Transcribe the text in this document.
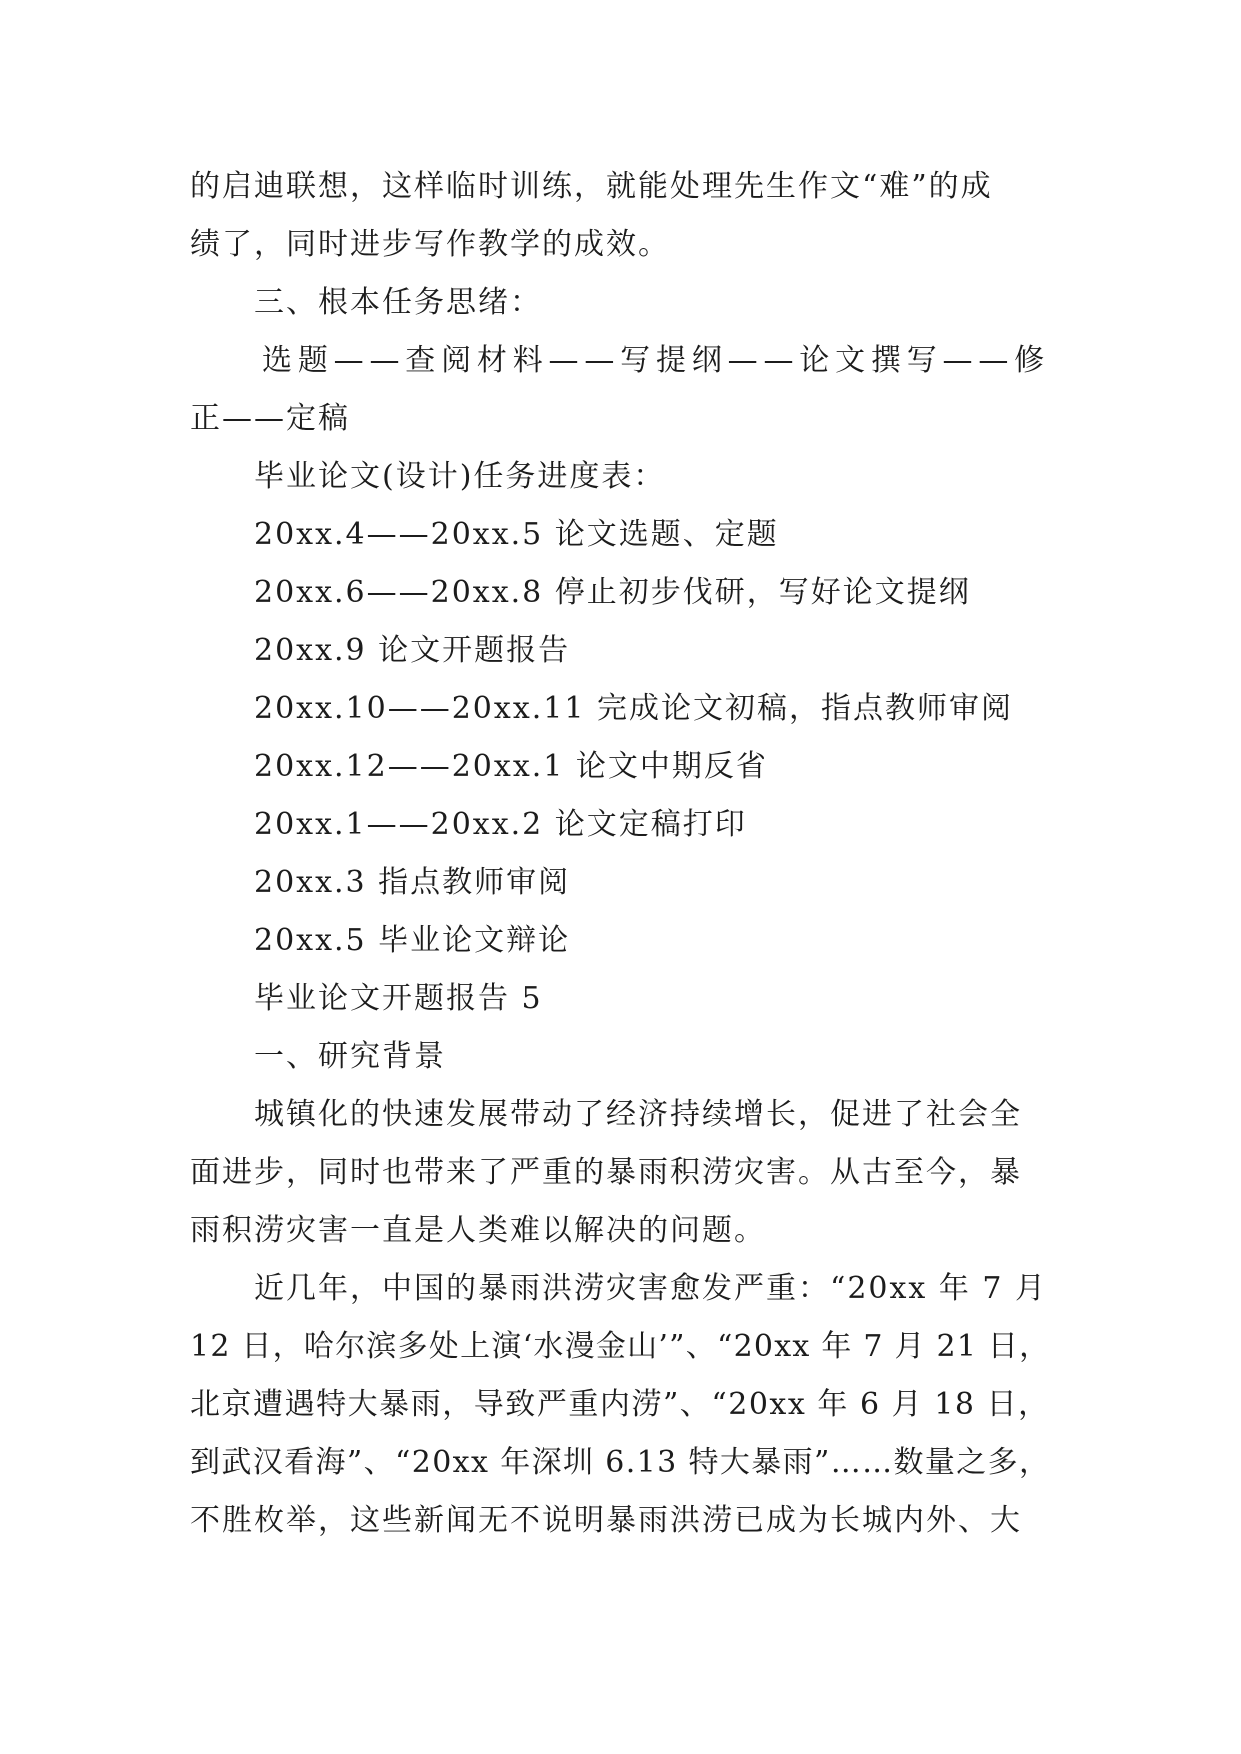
的启迪联想，这样临时训练，就能处理先生作文“难”的成
绩了，同时进步写作教学的成效。
三、根本任务思绪：
选题——查阅材料——写提纲——论文撰写——修
正——定稿
毕业论文(设计)任务进度表：
20xx.4——20xx.5 论文选题、定题
20xx.6——20xx.8 停止初步伐研，写好论文提纲
20xx.9 论文开题报告
20xx.10——20xx.11 完成论文初稿，指点教师审阅
20xx.12——20xx.1 论文中期反省
20xx.1——20xx.2 论文定稿打印
20xx.3 指点教师审阅
20xx.5 毕业论文辩论
毕业论文开题报告 5
一、研究背景
城镇化的快速发展带动了经济持续增长，促进了社会全
面进步，同时也带来了严重的暴雨积涝灾害。从古至今，暴
雨积涝灾害一直是人类难以解决的问题。
近几年，中国的暴雨洪涝灾害愈发严重：“20xx 年 7 月
12 日，哈尔滨多处上演‘水漫金山’”、“20xx 年 7 月 21 日，
北京遭遇特大暴雨，导致严重内涝”、“20xx 年 6 月 18 日，
到武汉看海”、“20xx 年深圳 6.13 特大暴雨”……数量之多，
不胜枚举，这些新闻无不说明暴雨洪涝已成为长城内外、大
